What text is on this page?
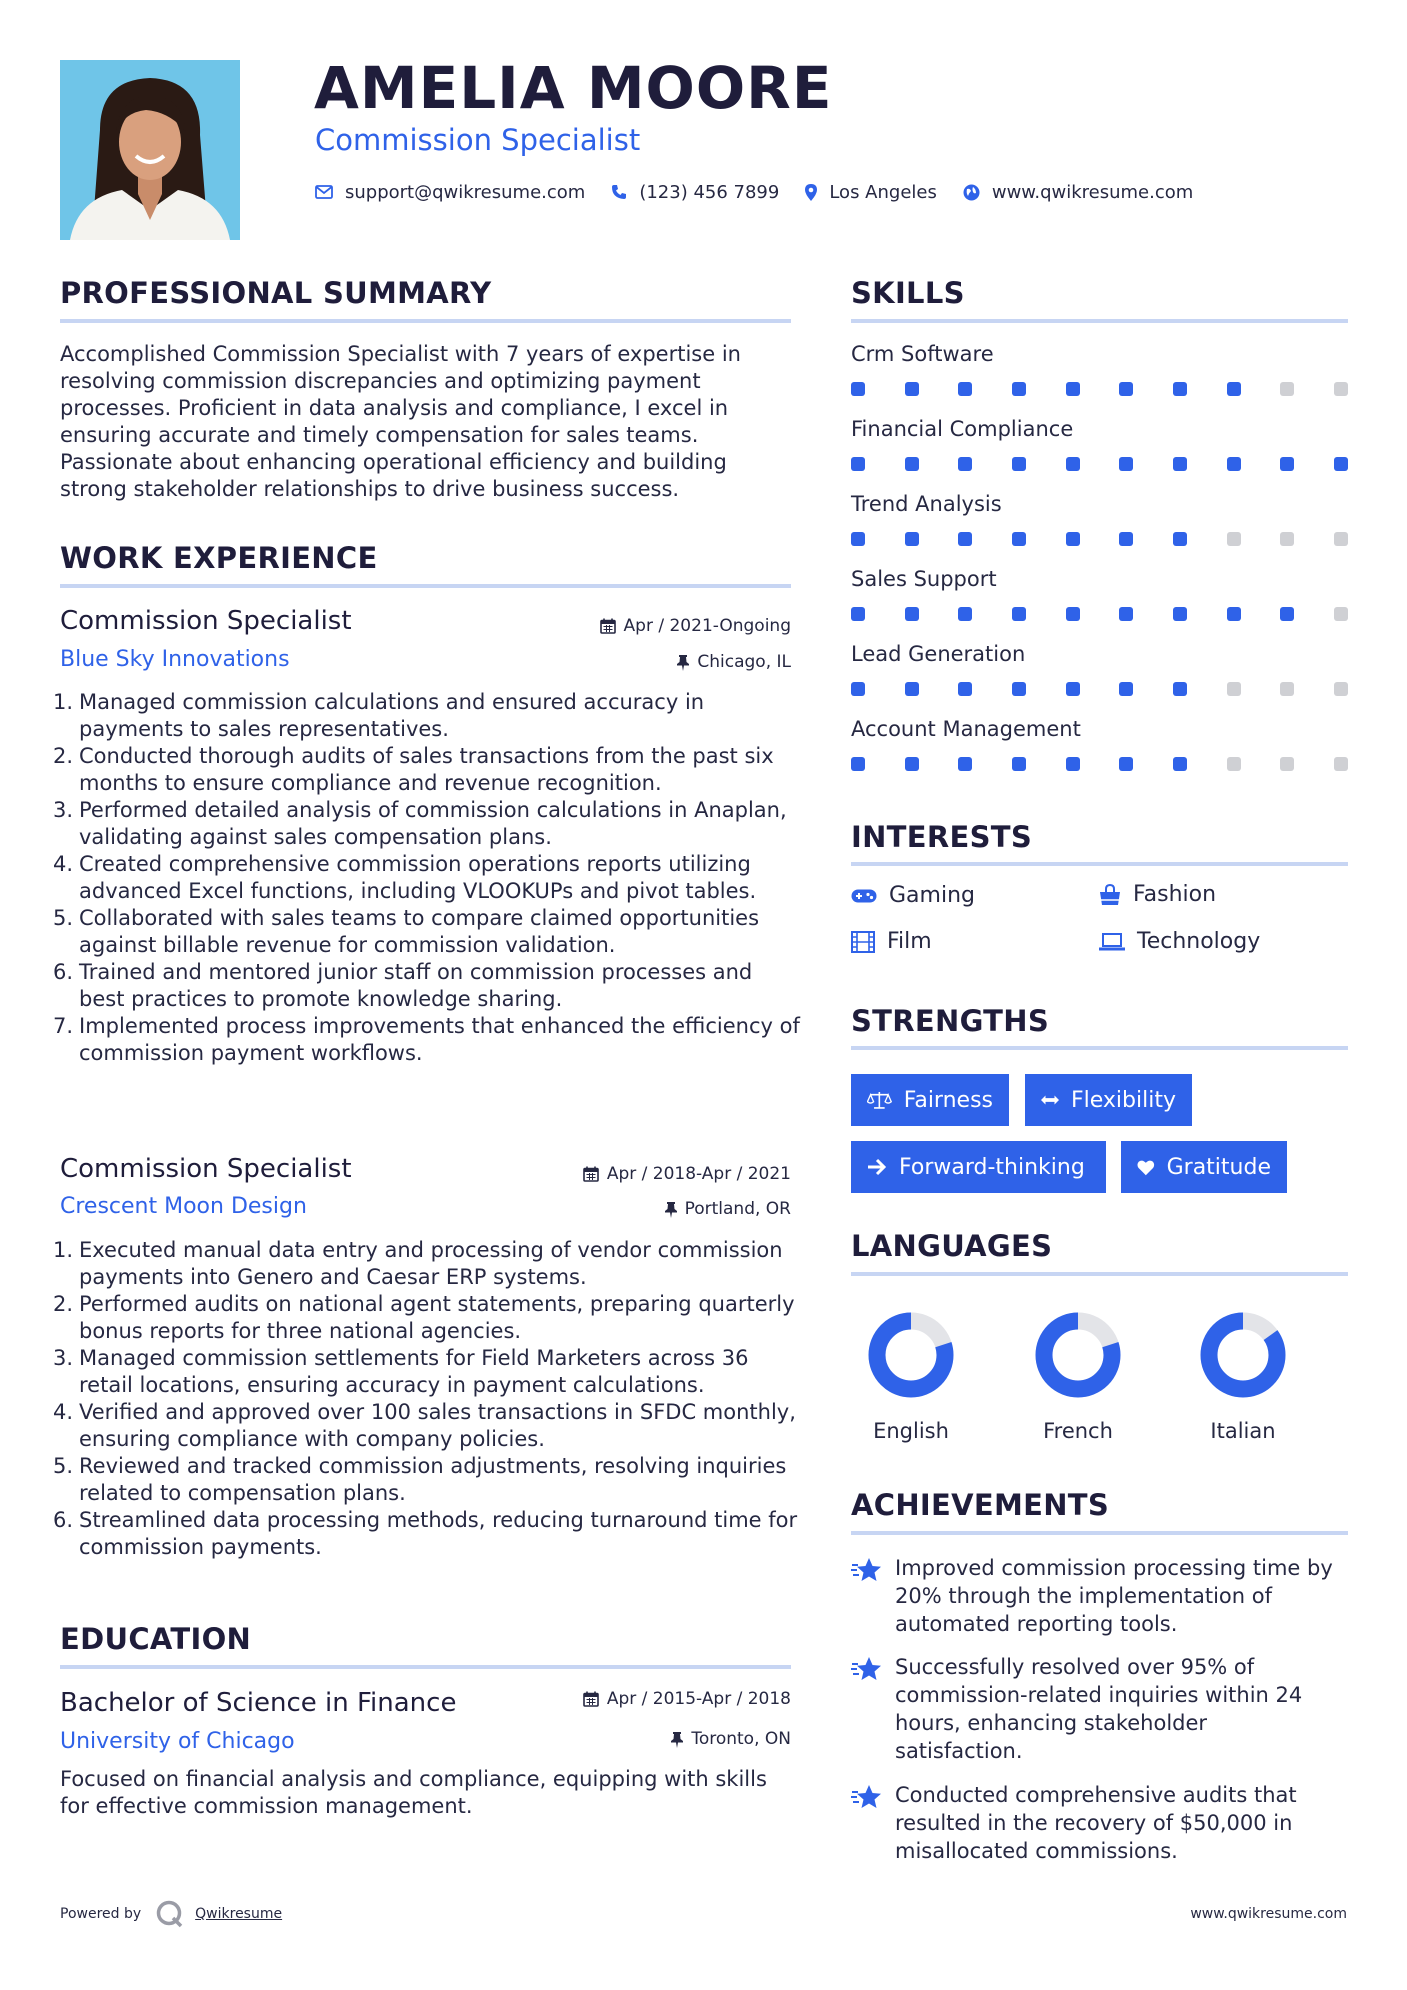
AMELIA MOORE
Commission Specialist
support@qwikresume.com	(123) 456 7899	Los Angeles	www.qwikresume.com
PROFESSIONAL SUMMARY
Accomplished Commission Specialist with 7 years of expertise in resolving commission discrepancies and optimizing payment processes. Proficient in data analysis and compliance, I excel in ensuring accurate and timely compensation for sales teams. Passionate about enhancing operational efficiency and building strong stakeholder relationships to drive business success.
WORK EXPERIENCE
Commission Specialist	Apr / 2021-Ongoing
Blue Sky Innovations	Chicago, IL
1. Managed commission calculations and ensured accuracy in payments to sales representatives.
2. Conducted thorough audits of sales transactions from the past six months to ensure compliance and revenue recognition.
3. Performed detailed analysis of commission calculations in Anaplan, validating against sales compensation plans.
4. Created comprehensive commission operations reports utilizing advanced Excel functions, including VLOOKUPs and pivot tables.
5. Collaborated with sales teams to compare claimed opportunities against billable revenue for commission validation.
6. Trained and mentored junior staff on commission processes and best practices to promote knowledge sharing.
7. Implemented process improvements that enhanced the efficiency of commission payment workflows.
Commission Specialist	Apr / 2018-Apr / 2021
Crescent Moon Design	Portland, OR
1. Executed manual data entry and processing of vendor commission payments into Genero and Caesar ERP systems.
2. Performed audits on national agent statements, preparing quarterly bonus reports for three national agencies.
3. Managed commission settlements for Field Marketers across 36 retail locations, ensuring accuracy in payment calculations.
4. Verified and approved over 100 sales transactions in SFDC monthly, ensuring compliance with company policies.
5. Reviewed and tracked commission adjustments, resolving inquiries related to compensation plans.
6. Streamlined data processing methods, reducing turnaround time for commission payments.
EDUCATION
Bachelor of Science in Finance	Apr / 2015-Apr / 2018
University of Chicago	Toronto, ON
Focused on financial analysis and compliance, equipping with skills for effective commission management.
SKILLS
Crm Software
Financial Compliance
Trend Analysis
Sales Support
Lead Generation
Account Management
INTERESTS
Gaming	Fashion
Film	Technology
STRENGTHS
Fairness	Flexibility
Forward-thinking	Gratitude
LANGUAGES
English	French	Italian
ACHIEVEMENTS
Improved commission processing time by 20% through the implementation of automated reporting tools.
Successfully resolved over 95% of commission-related inquiries within 24 hours, enhancing stakeholder satisfaction.
Conducted comprehensive audits that resulted in the recovery of $50,000 in misallocated commissions.
Powered by	Qwikresume	www.qwikresume.com
